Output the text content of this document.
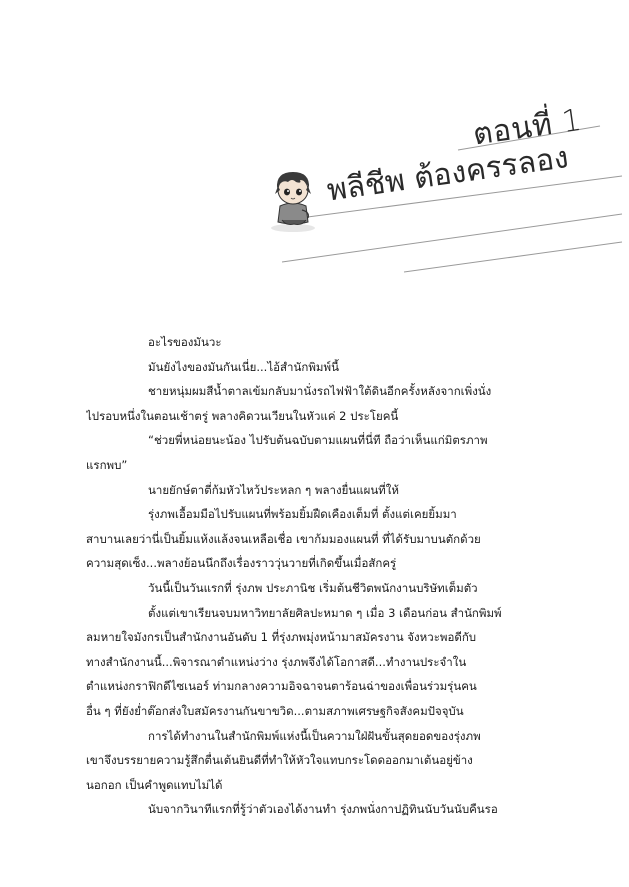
ตอนที่ 1
พลีชีพ ต้องครรลอง
อะไรของมันวะ
มันยังไงของมันกันเนี่ย...ไอ้สำนักพิมพ์นี้
ชายหนุ่มผมสีน้ำตาลเข้มกลับมานั่งรถไฟฟ้าใต้ดินอีกครั้งหลังจากเพิ่งนั่ง
ไปรอบหนึ่งในตอนเช้าตรู่ พลางคิดวนเวียนในหัวแค่ 2 ประโยคนี้
“ช่วยพี่หน่อยนะน้อง ไปรับต้นฉบับตามแผนที่นี่ที ถือว่าเห็นแก่มิตรภาพ
แรกพบ”
นายยักษ์ตาตี่ก้มหัวไหว้ประหลก ๆ พลางยื่นแผนที่ให้
รุ่งภพเอื้อมมือไปรับแผนที่พร้อมยิ้มฝืดเคืองเต็มที่ ตั้งแต่เคยยิ้มมา
สาบานเลยว่านี่เป็นยิ้มแห้งแล้งจนเหลือเชื่อ เขาก้มมองแผนที่ ที่ได้รับมาบนตักด้วย
ความสุดเซ็ง...พลางย้อนนึกถึงเรื่องราววุ่นวายที่เกิดขึ้นเมื่อสักครู่
วันนี้เป็นวันแรกที่ รุ่งภพ ประภานิช เริ่มต้นชีวิตพนักงานบริษัทเต็มตัว
ตั้งแต่เขาเรียนจบมหาวิทยาลัยศิลปะหมาด ๆ เมื่อ 3 เดือนก่อน สำนักพิมพ์
ลมหายใจมังกรเป็นสำนักงานอันดับ 1 ที่รุ่งภพมุ่งหน้ามาสมัครงาน จังหวะพอดีกับ
ทางสำนักงานนี้...พิจารณาตำแหน่งว่าง รุ่งภพจึงได้โอกาสดี...ทำงานประจำใน
ตำแหน่งกราฟิกดีไซเนอร์ ท่ามกลางความอิจฉาจนตาร้อนฉ่าของเพื่อนร่วมรุ่นคน
อื่น ๆ ที่ยังย่ำต๊อกส่งใบสมัครงานกันขาขวิด...ตามสภาพเศรษฐกิจสังคมปัจจุบัน
การได้ทำงานในสำนักพิมพ์แห่งนี้เป็นความใฝ่ฝันขั้นสุดยอดของรุ่งภพ
เขาจึงบรรยายความรู้สึกตื่นเต้นยินดีที่ทำให้หัวใจแทบกระโดดออกมาเต้นอยู่ข้าง
นอกอก เป็นคำพูดแทบไม่ได้
นับจากวินาทีแรกที่รู้ว่าตัวเองได้งานทำ รุ่งภพนั่งกาปฏิทินนับวันนับคืนรอ
